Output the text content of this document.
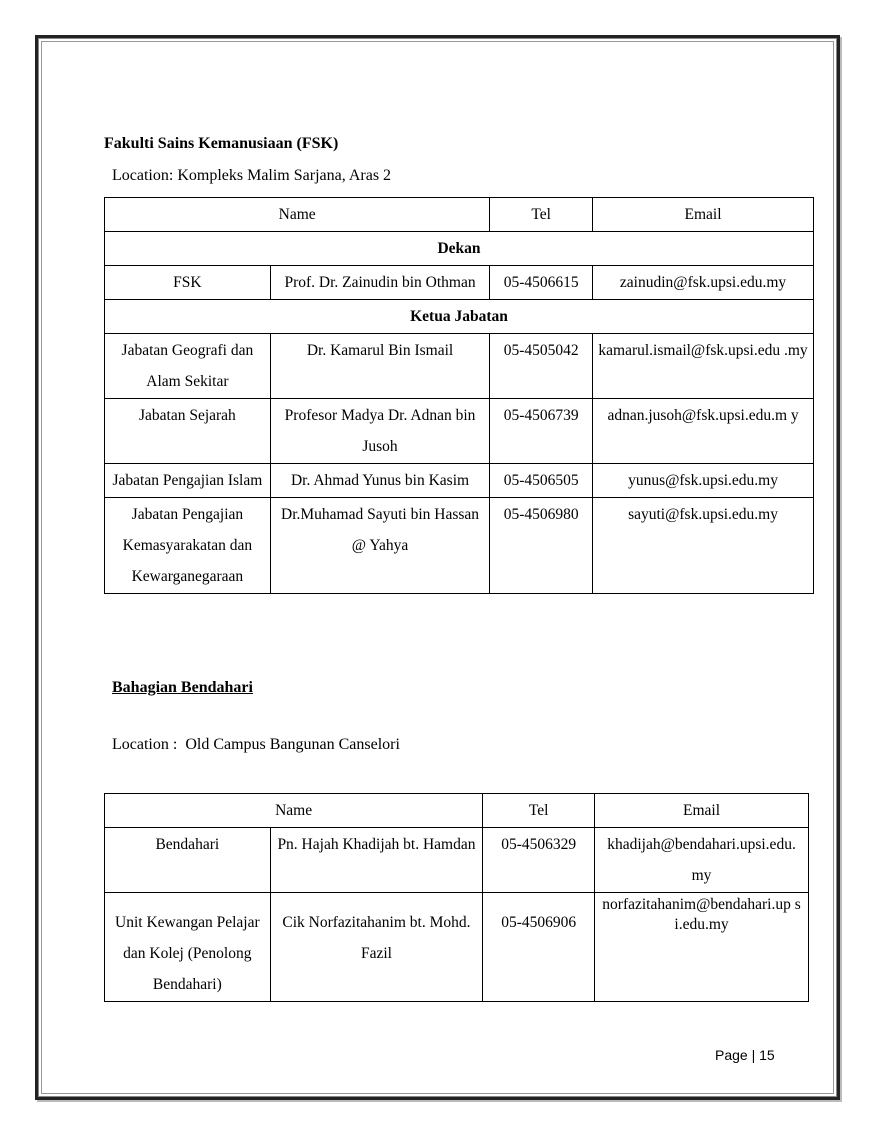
Fakulti Sains Kemanusiaan (FSK)
Location: Kompleks Malim Sarjana, Aras 2
Name		Tel	Email
Dekan			
FSK	Prof. Dr. Zainudin bin Othman	05-4506615	zainudin@fsk.upsi.edu.my
Ketua Jabatan			
Jabatan Geografi dan Alam Sekitar	Dr. Kamarul Bin Ismail	05-4505042	kamarul.ismail@fsk.upsi.edu .my
Jabatan Sejarah	Profesor Madya Dr. Adnan bin Jusoh	05-4506739	adnan.jusoh@fsk.upsi.edu.m y
Jabatan Pengajian Islam	Dr. Ahmad Yunus bin Kasim	05-4506505	yunus@fsk.upsi.edu.my
Jabatan Pengajian Kemasyarakatan dan Kewarganegaraan	Dr.Muhamad Sayuti bin Hassan @ Yahya	05-4506980	sayuti@fsk.upsi.edu.my
Bahagian Bendahari
Location :  Old Campus Bangunan Canselori
Name		Tel	Email
Bendahari	Pn. Hajah Khadijah bt. Hamdan	05-4506329	khadijah@bendahari.upsi.edu. my
Unit Kewangan Pelajar dan Kolej (Penolong Bendahari)	Cik Norfazitahanim bt. Mohd. Fazil	05-4506906	norfazitahanim@bendahari.up s
i.edu.my
Page | 15
